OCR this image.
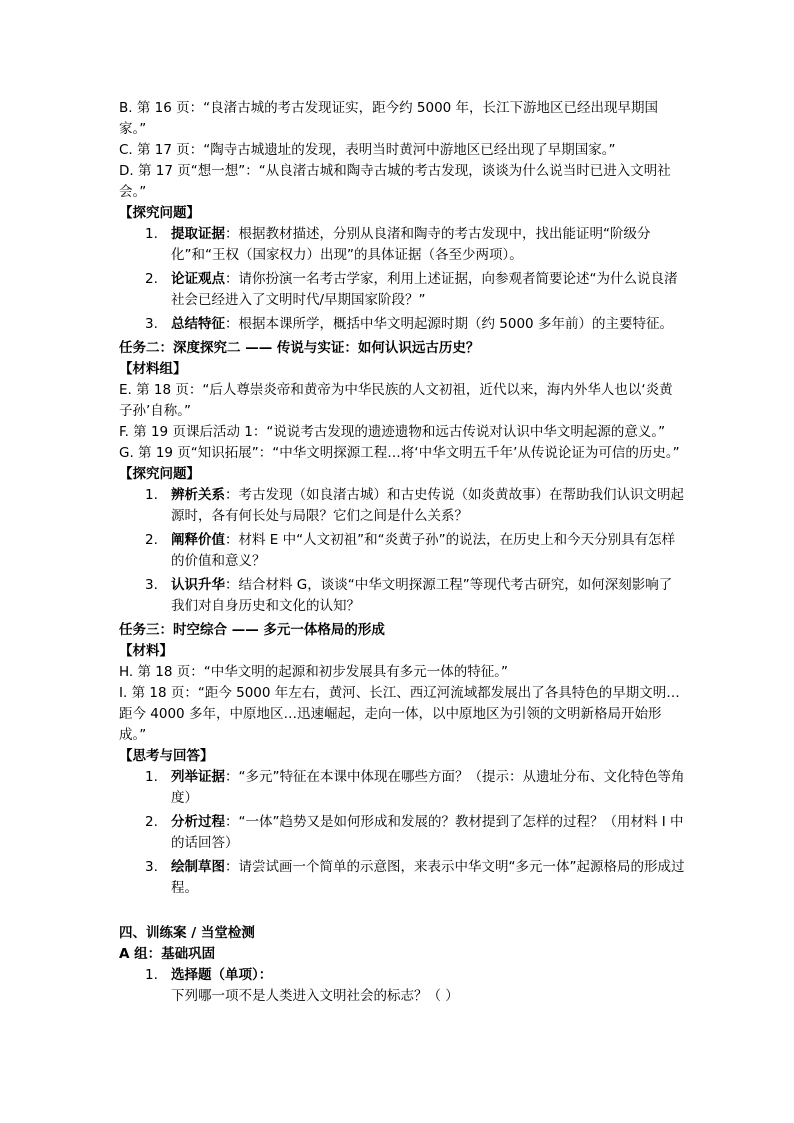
B. 第 16 页：“良渚古城的考古发现证实，距今约 5000 年，长江下游地区已经出现早期国家。”

C. 第 17 页：“陶寺古城遗址的发现，表明当时黄河中游地区已经出现了早期国家。”

D. 第 17 页“想一想”：“从良渚古城和陶寺古城的考古发现，谈谈为什么说当时已进入文明社会。”

【探究问题】

1. 提取证据：根据教材描述，分别从良渚和陶寺的考古发现中，找出能证明“阶级分化”和“王权（国家权力）出现”的具体证据（各至少两项）。
2. 论证观点：请你扮演一名考古学家，利用上述证据，向参观者简要论述“为什么说良渚社会已经进入了文明时代/早期国家阶段？”
3. 总结特征：根据本课所学，概括中华文明起源时期（约 5000 多年前）的主要特征。

任务二：深度探究二 —— 传说与实证：如何认识远古历史？

【材料组】

E. 第 18 页：“后人尊崇炎帝和黄帝为中华民族的人文初祖，近代以来，海内外华人也以‘炎黄子孙’自称。”

F. 第 19 页课后活动 1：“说说考古发现的遗迹遗物和远古传说对认识中华文明起源的意义。”

G. 第 19 页“知识拓展”：“中华文明探源工程…将‘中华文明五千年’从传说论证为可信的历史。”

【探究问题】

1. 辨析关系：考古发现（如良渚古城）和古史传说（如炎黄故事）在帮助我们认识文明起源时，各有何长处与局限？它们之间是什么关系？
2. 阐释价值：材料 E 中“人文初祖”和“炎黄子孙”的说法，在历史上和今天分别具有怎样的价值和意义？
3. 认识升华：结合材料 G，谈谈“中华文明探源工程”等现代考古研究，如何深刻影响了我们对自身历史和文化的认知？

任务三：时空综合 —— 多元一体格局的形成

【材料】

H. 第 18 页：“中华文明的起源和初步发展具有多元一体的特征。”

I. 第 18 页：“距今 5000 年左右，黄河、长江、西辽河流域都发展出了各具特色的早期文明…距今 4000 多年，中原地区…迅速崛起，走向一体，以中原地区为引领的文明新格局开始形成。”

【思考与回答】

1. 列举证据：“多元”特征在本课中体现在哪些方面？（提示：从遗址分布、文化特色等角度）
2. 分析过程：“一体”趋势又是如何形成和发展的？教材提到了怎样的过程？（用材料 I 中的话回答）
3. 绘制草图：请尝试画一个简单的示意图，来表示中华文明“多元一体”起源格局的形成过程。

四、训练案 / 当堂检测

A 组：基础巩固

1. 选择题（单项）：
下列哪一项不是人类进入文明社会的标志？（ ）
